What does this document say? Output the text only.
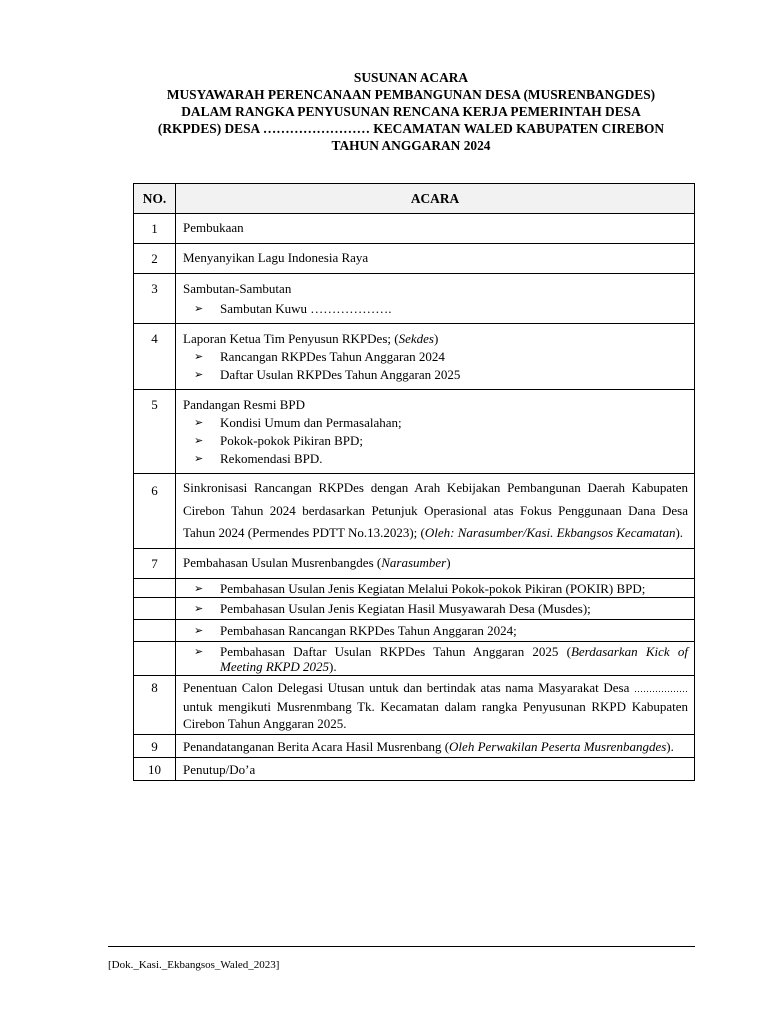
SUSUNAN ACARA
MUSYAWARAH PERENCANAAN PEMBANGUNAN DESA (MUSRENBANGDES)
DALAM RANGKA PENYUSUNAN RENCANA KERJA PEMERINTAH DESA
(RKPDES) DESA …………………… KECAMATAN WALED KABUPATEN CIREBON
TAHUN ANGGARAN 2024
NO.	ACARA
1	Pembukaan
2	Menyanyikan Lagu Indonesia Raya
3	Sambutan-Sambutan
➢ Sambutan Kuwu ……………….

4	Laporan Ketua Tim Penyusun RKPDes; (Sekdes)
➢ Rancangan RKPDes Tahun Anggaran 2024
➢ Daftar Usulan RKPDes Tahun Anggaran 2025

5	Pandangan Resmi BPD
➢ Kondisi Umum dan Permasalahan;
➢ Pokok-pokok Pikiran BPD;
➢ Rekomendasi BPD.

6	Sinkronisasi Rancangan RKPDes dengan Arah Kebijakan Pembangunan Daerah Kabupaten Cirebon Tahun 2024 berdasarkan Petunjuk Operasional atas Fokus Penggunaan Dana Desa Tahun 2024 (Permendes PDTT No.13.2023); (Oleh: Narasumber/Kasi. Ekbangsos Kecamatan).
7	Pembahasan Usulan Musrenbangdes (Narasumber)

	➢ Pembahasan Usulan Jenis Kegiatan Melalui Pokok-pokok Pikiran (POKIR) BPD;

	➢ Pembahasan Usulan Jenis Kegiatan Hasil Musyawarah Desa (Musdes);

	➢ Pembahasan Rancangan RKPDes Tahun Anggaran 2024;

	➢ Pembahasan Daftar Usulan RKPDes Tahun Anggaran 2025 (Berdasarkan Kick of Meeting RKPD 2025).

8	Penentuan Calon Delegasi Utusan untuk dan bertindak atas nama Masyarakat Desa ……………… untuk mengikuti Musrenmbang Tk. Kecamatan dalam rangka Penyusunan RKPD Kabupaten Cirebon Tahun Anggaran 2025.
9	Penandatanganan Berita Acara Hasil Musrenbang (Oleh Perwakilan Peserta Musrenbangdes).
10	Penutup/Do’a
[Dok._Kasi._Ekbangsos_Waled_2023]
